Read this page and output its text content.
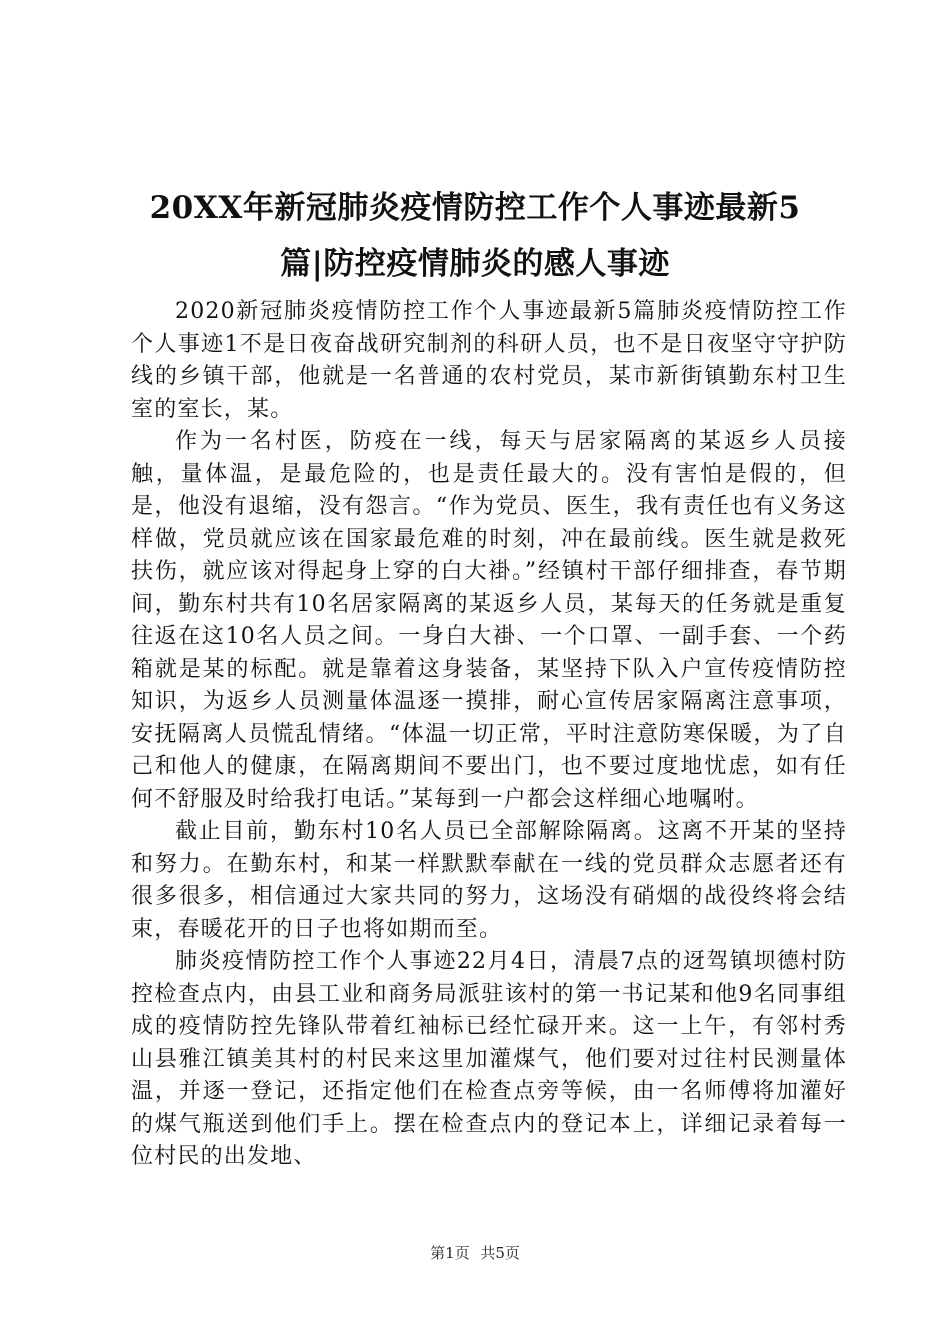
20XX年新冠肺炎疫情防控工作个人事迹最新5
篇|防控疫情肺炎的感人事迹

2020新冠肺炎疫情防控工作个人事迹最新5篇肺炎疫情防控工作个人事迹1不是日夜奋战研究制剂的科研人员，也不是日夜坚守守护防线的乡镇干部，他就是一名普通的农村党员，某市新街镇勤东村卫生室的室长，某。

作为一名村医，防疫在一线，每天与居家隔离的某返乡人员接触，量体温，是最危险的，也是责任最大的。没有害怕是假的，但是，他没有退缩，没有怨言。“作为党员、医生，我有责任也有义务这样做，党员就应该在国家最危难的时刻，冲在最前线。医生就是救死扶伤，就应该对得起身上穿的白大褂。”经镇村干部仔细排查，春节期间，勤东村共有10名居家隔离的某返乡人员，某每天的任务就是重复往返在这10名人员之间。一身白大褂、一个口罩、一副手套、一个药箱就是某的标配。就是靠着这身装备，某坚持下队入户宣传疫情防控知识，为返乡人员测量体温逐一摸排，耐心宣传居家隔离注意事项，安抚隔离人员慌乱情绪。“体温一切正常，平时注意防寒保暖，为了自己和他人的健康，在隔离期间不要出门，也不要过度地忧虑，如有任何不舒服及时给我打电话。”某每到一户都会这样细心地嘱咐。

截止目前，勤东村10名人员已全部解除隔离。这离不开某的坚持和努力。在勤东村，和某一样默默奉献在一线的党员群众志愿者还有很多很多，相信通过大家共同的努力，这场没有硝烟的战役终将会结束，春暖花开的日子也将如期而至。

肺炎疫情防控工作个人事迹22月4日，清晨7点的迓驾镇坝德村防控检查点内，由县工业和商务局派驻该村的第一书记某和他9名同事组成的疫情防控先锋队带着红袖标已经忙碌开来。这一上午，有邻村秀山县雅江镇美其村的村民来这里加灌煤气，他们要对过往村民测量体温，并逐一登记，还指定他们在检查点旁等候，由一名师傅将加灌好的煤气瓶送到他们手上。摆在检查点内的登记本上，详细记录着每一位村民的出发地、

第1页 共5页
